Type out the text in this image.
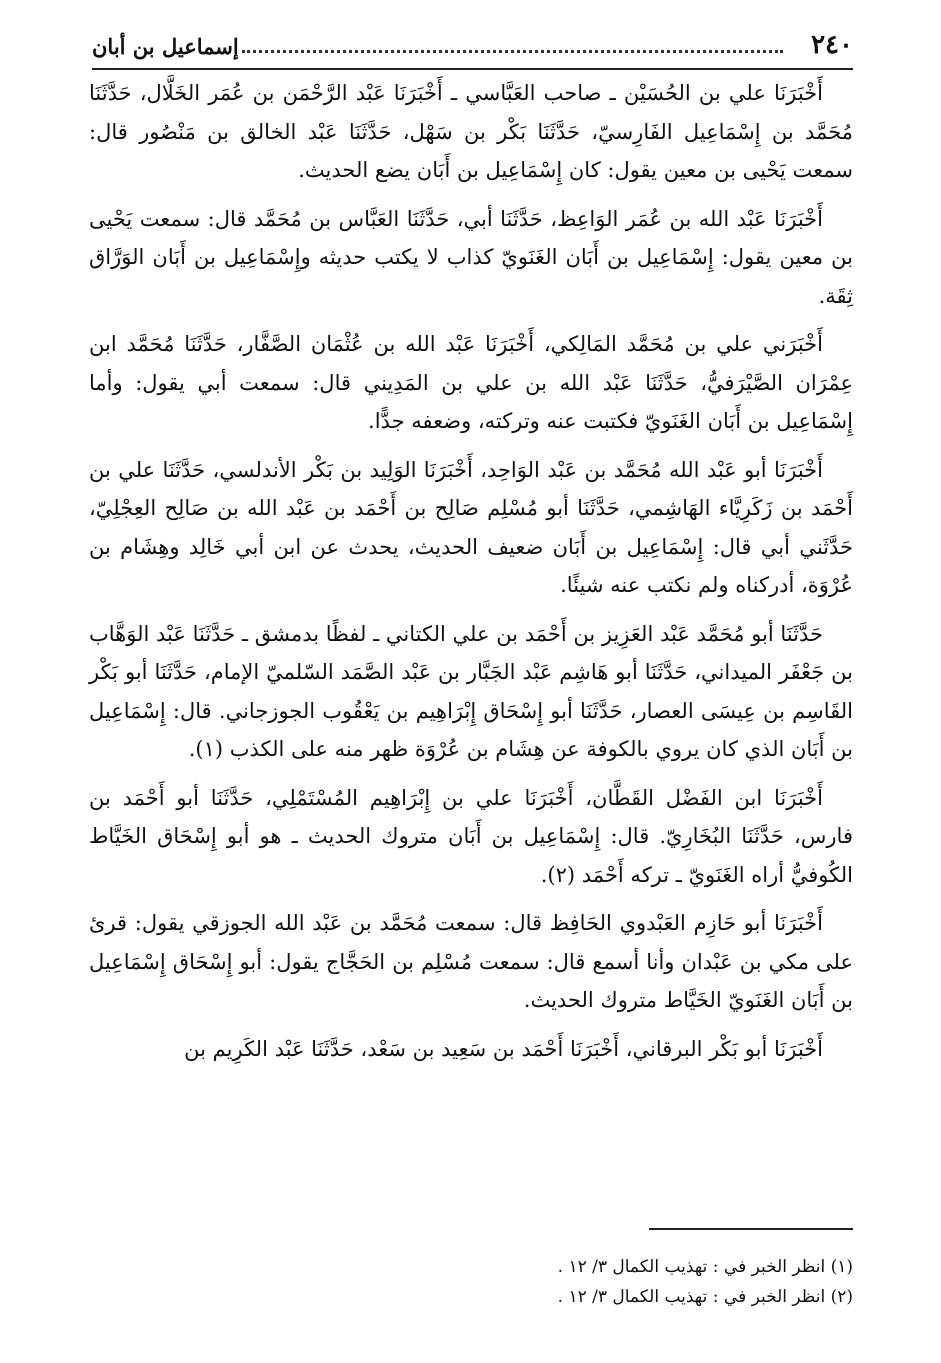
٢٤٠
إسماعيل بن أبان

أَخْبَرَنَا علي بن الحُسَيْن ـ صاحب العَبَّاسي ـ أَخْبَرَنَا عَبْد الرَّحْمَن بن عُمَر الخَلَّال، حَدَّثَنَا مُحَمَّد بن إِسْمَاعِيل الفَارِسيّ، حَدَّثَنَا بَكْر بن سَهْل، حَدَّثَنَا عَبْد الخالق بن مَنْصُور قال: سمعت يَحْيى بن معين يقول: كان إِسْمَاعِيل بن أَبَان يضع الحديث.

أَخْبَرَنَا عَبْد الله بن عُمَر الوَاعِظ، حَدَّثَنَا أبي، حَدَّثَنَا العَبَّاس بن مُحَمَّد قال: سمعت يَحْيى بن معين يقول: إِسْمَاعِيل بن أَبَان الغَنَويّ كذاب لا يكتب حديثه وإِسْمَاعِيل بن أَبَان الوَرَّاق ثِقَة.

أَخْبَرَني علي بن مُحَمَّد المَالِكي، أَخْبَرَنَا عَبْد الله بن عُثْمَان الصَّفَّار، حَدَّثَنَا مُحَمَّد ابن عِمْرَان الصَّيْرَفيُّ، حَدَّثَنَا عَبْد الله بن علي بن المَدِيني قال: سمعت أبي يقول: وأما إِسْمَاعِيل بن أَبَان الغَنَويّ فكتبت عنه وتركته، وضعفه جدًّا.

أَخْبَرَنَا أبو عَبْد الله مُحَمَّد بن عَبْد الوَاحِد، أَخْبَرَنَا الوَلِيد بن بَكْر الأندلسي، حَدَّثَنَا علي بن أَحْمَد بن زَكَرِيَّاء الهَاشِمي، حَدَّثَنَا أبو مُسْلِم صَالِح بن أَحْمَد بن عَبْد الله بن صَالِح العِجْلِيّ، حَدَّثَني أبي قال: إِسْمَاعِيل بن أَبَان ضعيف الحديث، يحدث عن ابن أبي خَالِد وهِشَام بن عُرْوَة، أدركناه ولم نكتب عنه شيئًا.

حَدَّثَنَا أبو مُحَمَّد عَبْد العَزِيز بن أَحْمَد بن علي الكتاني ـ لفظًا بدمشق ـ حَدَّثَنَا عَبْد الوَهَّاب بن جَعْفَر الميداني، حَدَّثَنَا أبو هَاشِم عَبْد الجَبَّار بن عَبْد الصَّمَد السّلميّ الإمام، حَدَّثَنَا أبو بَكْر القَاسِم بن عِيسَى العصار، حَدَّثَنَا أبو إِسْحَاق إِبْرَاهِيم بن يَعْقُوب الجوزجاني. قال: إِسْمَاعِيل بن أَبَان الذي كان يروي بالكوفة عن هِشَام بن عُرْوَة ظهر منه على الكذب (١).

أَخْبَرَنَا ابن الفَضْل القَطَّان، أَخْبَرَنَا علي بن إِبْرَاهِيم المُسْتَمْلِي، حَدَّثَنَا أبو أَحْمَد بن فارس، حَدَّثَنَا البُخَارِيّ. قال: إِسْمَاعِيل بن أَبَان متروك الحديث ـ هو أبو إِسْحَاق الخَيَّاط الكُوفيُّ أراه الغَنَويّ ـ تركه أَحْمَد (٢).

أَخْبَرَنَا أبو حَازِم العَبْدوي الحَافِظ قال: سمعت مُحَمَّد بن عَبْد الله الجوزقي يقول: قرئ على مكي بن عَبْدان وأنا أسمع قال: سمعت مُسْلِم بن الحَجَّاج يقول: أبو إِسْحَاق إِسْمَاعِيل بن أَبَان الغَنَويّ الخَيَّاط متروك الحديث.

أَخْبَرَنَا أبو بَكْر البرقاني، أَخْبَرَنَا أَحْمَد بن سَعِيد بن سَعْد، حَدَّثَنَا عَبْد الكَرِيم بن

(١) انظر الخبر في : تهذيب الكمال ٣/ ١٢ .
(٢) انظر الخبر في : تهذيب الكمال ٣/ ١٢ .
